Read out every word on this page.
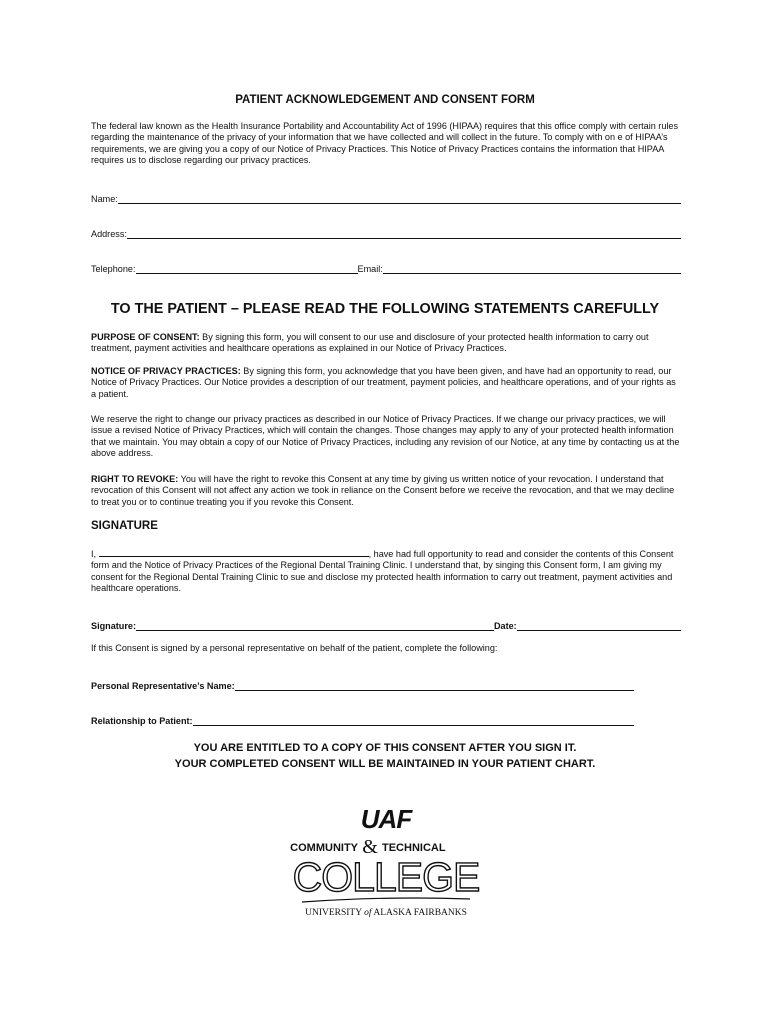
PATIENT ACKNOWLEDGEMENT AND CONSENT FORM
The federal law known as the Health Insurance Portability and Accountability Act of 1996 (HIPAA) requires that this office comply with certain rules regarding the maintenance of the privacy of your information that we have collected and will collect in the future. To comply with on e of HIPAA’s requirements, we are giving you a copy of our Notice of Privacy Practices. This Notice of Privacy Practices contains the information that HIPAA requires us to disclose regarding our privacy practices.
Name:
Address:
Telephone:	Email:
TO THE PATIENT – PLEASE READ THE FOLLOWING STATEMENTS CAREFULLY
PURPOSE OF CONSENT: By signing this form, you will consent to our use and disclosure of your protected health information to carry out treatment, payment activities and healthcare operations as explained in our Notice of Privacy Practices.
NOTICE OF PRIVACY PRACTICES: By signing this form, you acknowledge that you have been given, and have had an opportunity to read, our Notice of Privacy Practices. Our Notice provides a description of our treatment, payment policies, and healthcare operations, and of your rights as a patient.
We reserve the right to change our privacy practices as described in our Notice of Privacy Practices. If we change our privacy practices, we will issue a revised Notice of Privacy Practices, which will contain the changes. Those changes may apply to any of your protected health information that we maintain. You may obtain a copy of our Notice of Privacy Practices, including any revision of our Notice, at any time by contacting us at the above address.
RIGHT TO REVOKE: You will have the right to revoke this Consent at any time by giving us written notice of your revocation. I understand that revocation of this Consent will not affect any action we took in reliance on the Consent before we receive the revocation, and that we may decline to treat you or to continue treating you if you revoke this Consent.
SIGNATURE
I,	, have had full opportunity to read and consider the contents of this Consent form and the Notice of Privacy Practices of the Regional Dental Training Clinic. I understand that, by singing this Consent form, I am giving my consent for the Regional Dental Training Clinic to sue and disclose my protected health information to carry out treatment, payment activities and healthcare operations.
Signature:	Date:
If this Consent is signed by a personal representative on behalf of the patient, complete the following:
Personal Representative’s Name:
Relationship to Patient:
YOU ARE ENTITLED TO A COPY OF THIS CONSENT AFTER YOU SIGN IT.
YOUR COMPLETED CONSENT WILL BE MAINTAINED IN YOUR PATIENT CHART.
UAF
COMMUNITY & TECHNICAL
COLLEGE
UNIVERSITY of ALASKA FAIRBANKS
